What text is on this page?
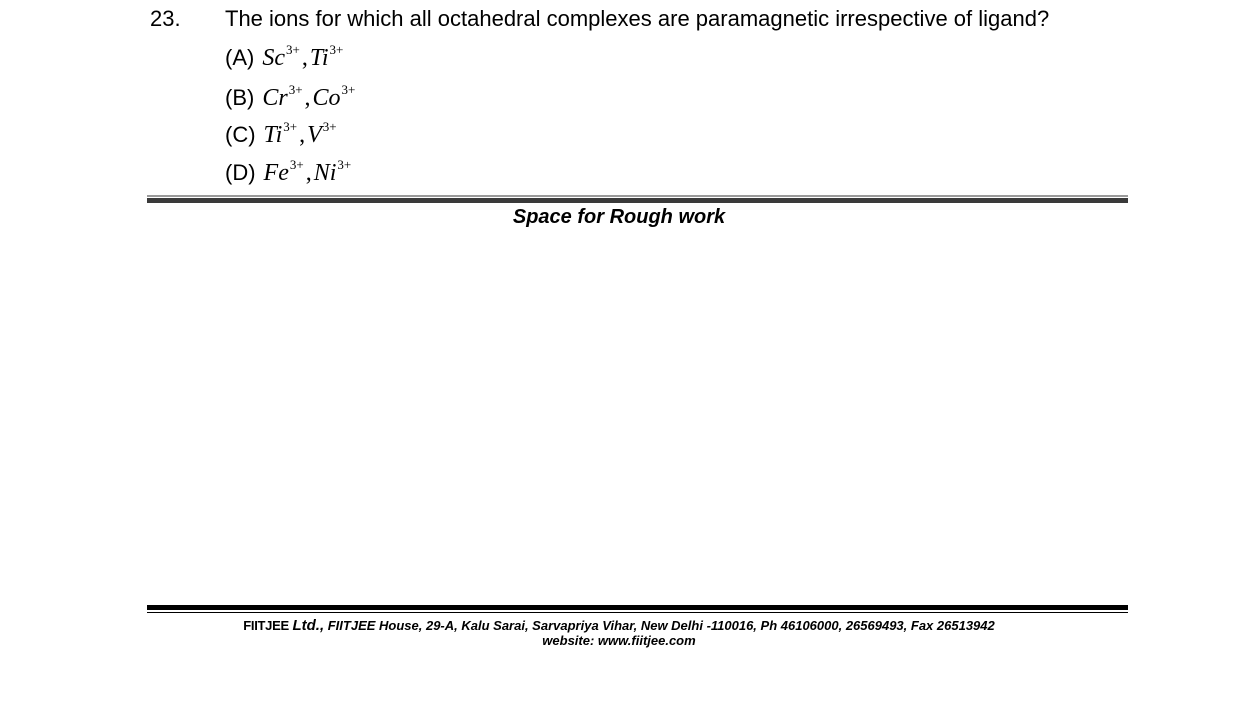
23. The ions for which all octahedral complexes are paramagnetic irrespective of ligand?
(A) $Sc^{3+},Ti^{3+}$
(B) $Cr^{3+},Co^{3+}$
(C) $Ti^{3+},V^{3+}$
(D) $Fe^{3+},Ni^{3+}$
Space for Rough work
FIITJEE Ltd., FIITJEE House, 29-A, Kalu Sarai, Sarvapriya Vihar, New Delhi -110016, Ph 46106000, 26569493, Fax 26513942
website: www.fiitjee.com
